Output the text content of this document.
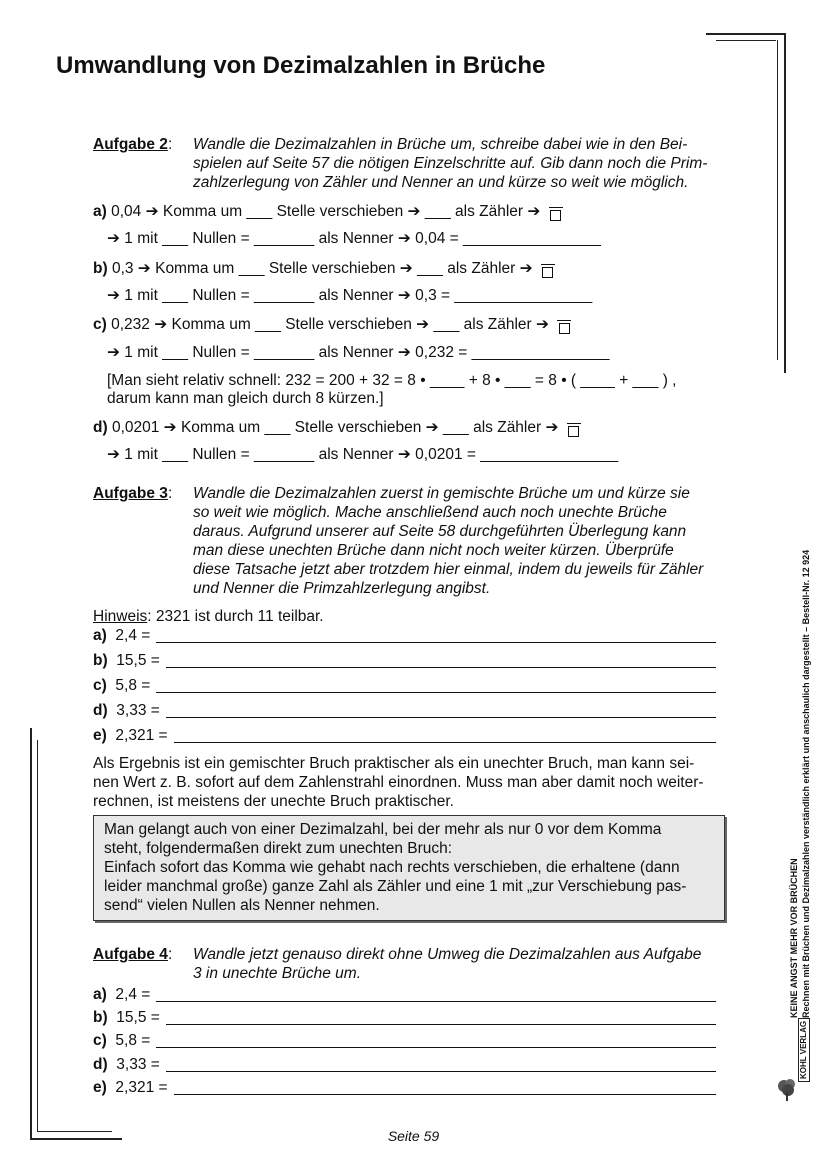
Umwandlung von Dezimalzahlen in Brüche
Aufgabe 2: Wandle die Dezimalzahlen in Brüche um, schreibe dabei wie in den Bei-
spielen auf Seite 57 die nötigen Einzelschritte auf. Gib dann noch die Prim-
zahlzerlegung von Zähler und Nenner an und kürze so weit wie möglich.
a) 0,04 ➔ Komma um ___ Stelle verschieben ➔ ___ als Zähler ➔
➔ 1 mit ___ Nullen = _______ als Nenner ➔ 0,04 = ________________
b) 0,3 ➔ Komma um ___ Stelle verschieben ➔ ___ als Zähler ➔
➔ 1 mit ___ Nullen = _______ als Nenner ➔ 0,3 = ________________
c) 0,232 ➔ Komma um ___ Stelle verschieben ➔ ___ als Zähler ➔
➔ 1 mit ___ Nullen = _______ als Nenner ➔ 0,232 = ________________
[Man sieht relativ schnell: 232 = 200 + 32 = 8 • ____ + 8 • ___ = 8 • ( ____ + ___ ) ,
darum kann man gleich durch 8 kürzen.]
d) 0,0201 ➔ Komma um ___ Stelle verschieben ➔ ___ als Zähler ➔
➔ 1 mit ___ Nullen = _______ als Nenner ➔ 0,0201 = ________________
Aufgabe 3: Wandle die Dezimalzahlen zuerst in gemischte Brüche um und kürze sie
so weit wie möglich. Mache anschließend auch noch unechte Brüche
daraus. Aufgrund unserer auf Seite 58 durchgeführten Überlegung kann
man diese unechten Brüche dann nicht noch weiter kürzen. Überprüfe
diese Tatsache jetzt aber trotzdem hier einmal, indem du jeweils für Zähler
und Nenner die Primzahlzerlegung angibst.
Hinweis: 2321 ist durch 11 teilbar.
a) 2,4 =
b) 15,5 =
c) 5,8 =
d) 3,33 =
e) 2,321 =
Als Ergebnis ist ein gemischter Bruch praktischer als ein unechter Bruch, man kann sei-
nen Wert z. B. sofort auf dem Zahlenstrahl einordnen. Muss man aber damit noch weiter-
rechnen, ist meistens der unechte Bruch praktischer.
Man gelangt auch von einer Dezimalzahl, bei der mehr als nur 0 vor dem Komma
steht, folgendermaßen direkt zum unechten Bruch:
Einfach sofort das Komma wie gehabt nach rechts verschieben, die erhaltene (dann
leider manchmal große) ganze Zahl als Zähler und eine 1 mit „zur Verschiebung pas-
send“ vielen Nullen als Nenner nehmen.
Aufgabe 4: Wandle jetzt genauso direkt ohne Umweg die Dezimalzahlen aus Aufgabe
3 in unechte Brüche um.
a) 2,4 =
b) 15,5 =
c) 5,8 =
d) 3,33 =
e) 2,321 =
KEINE ANGST MEHR VOR BRÜCHEN Rechnen mit Brüchen und Dezimalzahlen verständlich erklärt und anschaulich dargestellt – Bestell-Nr. 12 924
KOHL VERLAG
Seite 59
